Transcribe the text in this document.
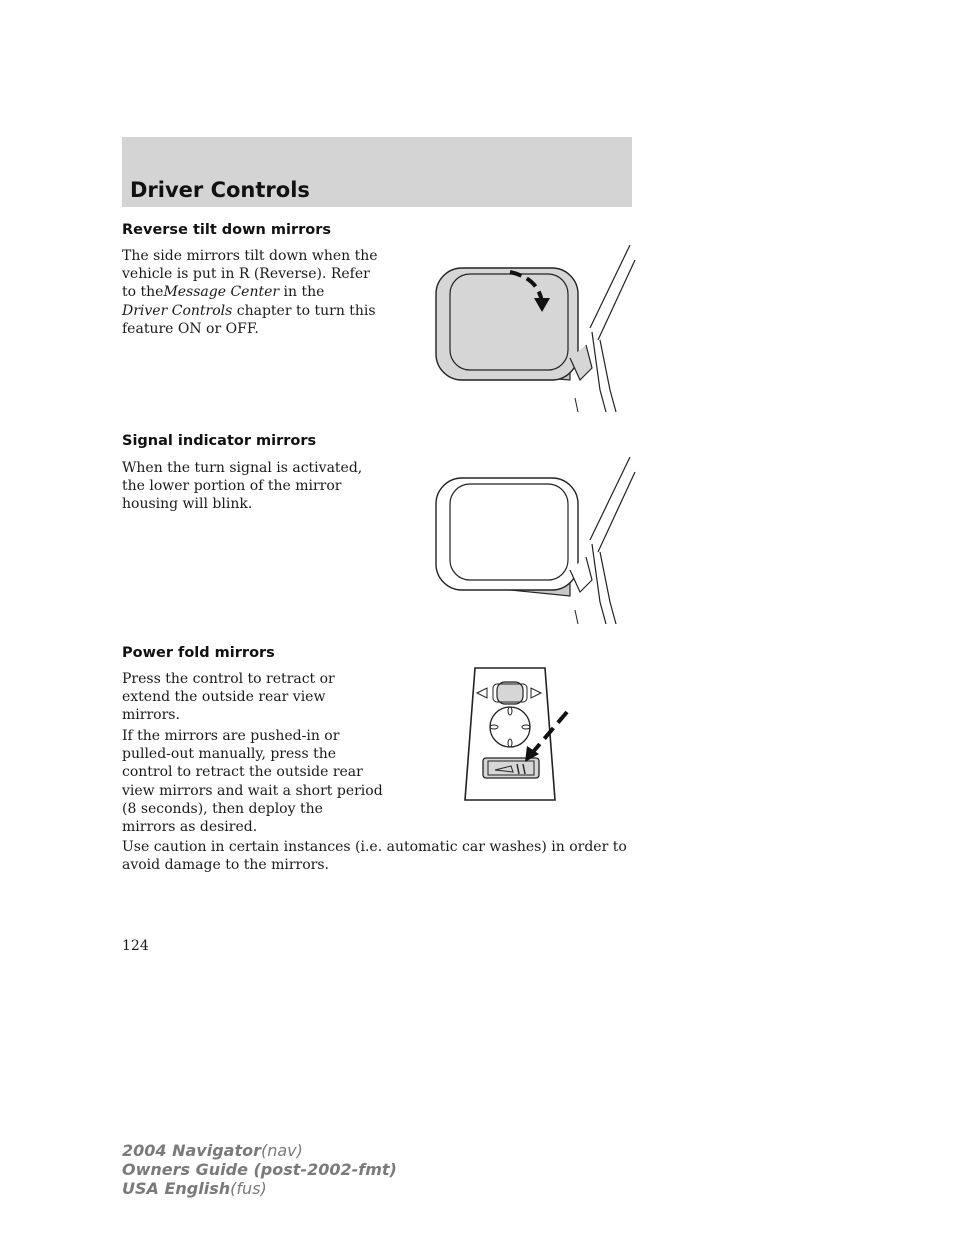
Driver Controls
Reverse tilt down mirrors
The side mirrors tilt down when the
vehicle is put in R (Reverse). Refer
to theMessage Center in the
Driver Controls chapter to turn this
feature ON or OFF.
Signal indicator mirrors
When the turn signal is activated,
the lower portion of the mirror
housing will blink.
Power fold mirrors
Press the control to retract or
extend the outside rear view
mirrors.
If the mirrors are pushed-in or
pulled-out manually, press the
control to retract the outside rear
view mirrors and wait a short period
(8 seconds), then deploy the
mirrors as desired.
Use caution in certain instances (i.e. automatic car washes) in order to
avoid damage to the mirrors.
124
2004 Navigator(nav)
Owners Guide (post-2002-fmt)
USA English(fus)
